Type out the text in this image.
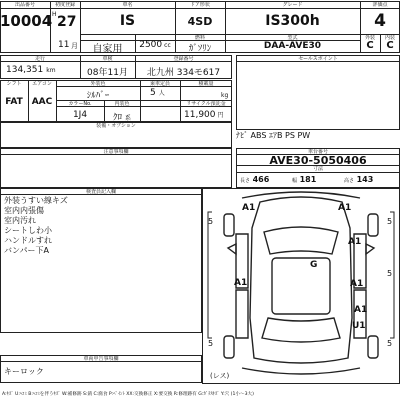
出品番号
10004
初度登録
H 27
11 月
車名
IS
自家用	2500 cc
ドア形状
4SD
燃料
ｶﾞｿﾘﾝ
グレード
IS300h
型式
DAA-AVE30
評価点
4
外装	内装
C	C
走行
134,351 km
車検
08年11月
登録番号
北九州 334モ617
セールスポイント
シフト
FAT
エアコン
AAC
外装色
ｼﾙﾊﾞｰ
乗車定員
5 人
積載量
kg
カラーNo.
1J4
内装色
ｸﾛ 系
リサイクル預託金
11,900 円
装備・オプション
ﾅﾋﾞ ABS ｴｱB PS PW
注意事項欄	車台番号
AVE30-5050406
寸法
長さ 466	幅 181	高さ 143
検査員記入欄
外装うすい線キズ
室内内張傷
室内汚れ
シートしわ小
ハンドルすれ
バンパー下A
車両申告事項欄
キーロック
A1	A1
A1
G
A1	A1
A1
U1
5	5
5
5
5
(レス)
A:ｷｽﾞ U:ﾍｺﾐ B:ﾍｺﾐを伴うｷｽﾞ W:補修跡 S:錆 C:腐食 P:ﾍﾟｲﾝﾄ XX:交換修正 X:要交換 R:修理跡有 G:ｶﾞﾗｽｷｽﾞ Y:穴 (1小〜3大)
